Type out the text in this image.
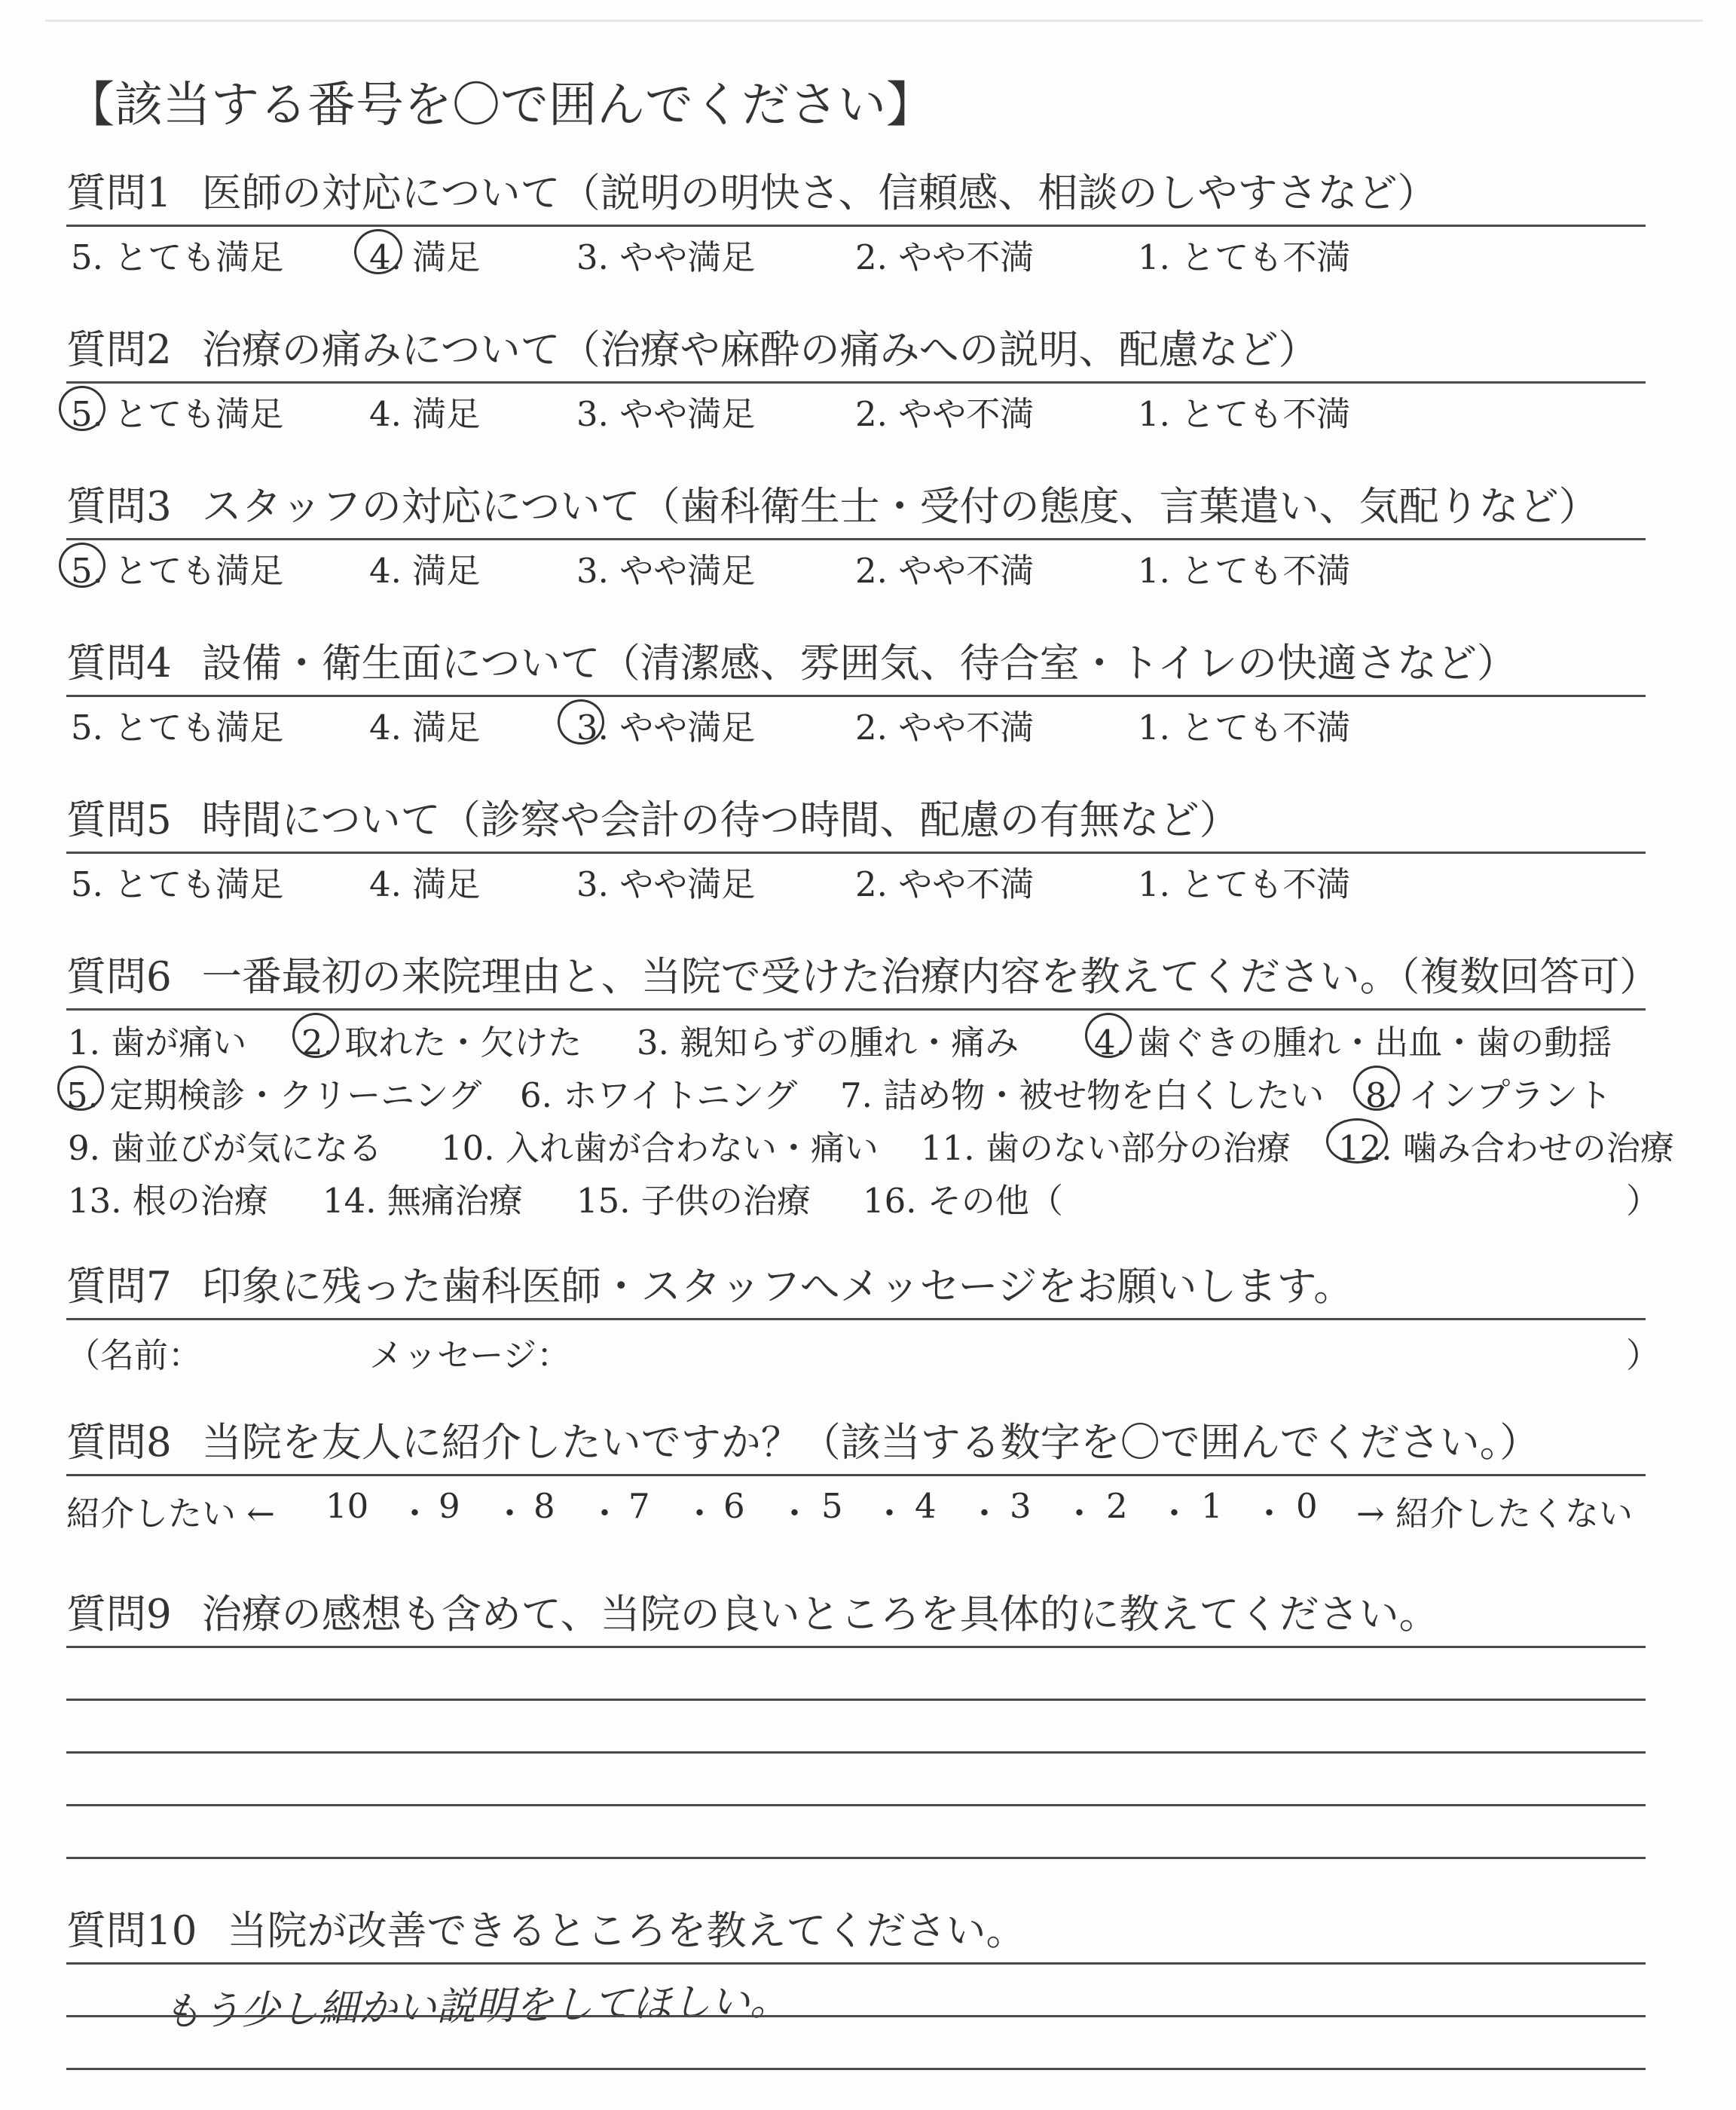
【該当する番号を〇で囲んでください】
質問1 医師の対応について（説明の明快さ、信頼感、相談のしやすさなど）
5. とても満足	4. 満足	3. やや満足	2. やや不満	1. とても不満
質問2 治療の痛みについて（治療や麻酔の痛みへの説明、配慮など）
5. とても満足	4. 満足	3. やや満足	2. やや不満	1. とても不満
質問3 スタッフの対応について（歯科衛生士・受付の態度、言葉遣い、気配りなど）
5. とても満足	4. 満足	3. やや満足	2. やや不満	1. とても不満
質問4 設備・衛生面について（清潔感、雰囲気、待合室・トイレの快適さなど）
5. とても満足	4. 満足	3. やや満足	2. やや不満	1. とても不満
質問5 時間について（診察や会計の待つ時間、配慮の有無など）
5. とても満足	4. 満足	3. やや満足	2. やや不満	1. とても不満
質問6 一番最初の来院理由と、当院で受けた治療内容を教えてください。（複数回答可）
1. 歯が痛い 2. 取れた・欠けた 3. 親知らずの腫れ・痛み 4. 歯ぐきの腫れ・出血・歯の動揺
5. 定期検診・クリーニング 6. ホワイトニング 7. 詰め物・被せ物を白くしたい 8. インプラント
9. 歯並びが気になる 10. 入れ歯が合わない・痛い 11. 歯のない部分の治療 12. 噛み合わせの治療
13. 根の治療 14. 無痛治療 15. 子供の治療 16. その他（	）
質問7 印象に残った歯科医師・スタッフへメッセージをお願いします。
（名前：	メッセージ：	）
質問8 当院を友人に紹介したいですか？（該当する数字を〇で囲んでください。）
紹介したい ← 10 ・ 9 ・ 8 ・ 7 ・ 6 ・ 5 ・ 4 ・ 3 ・ 2 ・ 1 ・ 0 → 紹介したくない
質問9 治療の感想も含めて、当院の良いところを具体的に教えてください。
質問10 当院が改善できるところを教えてください。
もう少し細かい説明をしてほしい。
